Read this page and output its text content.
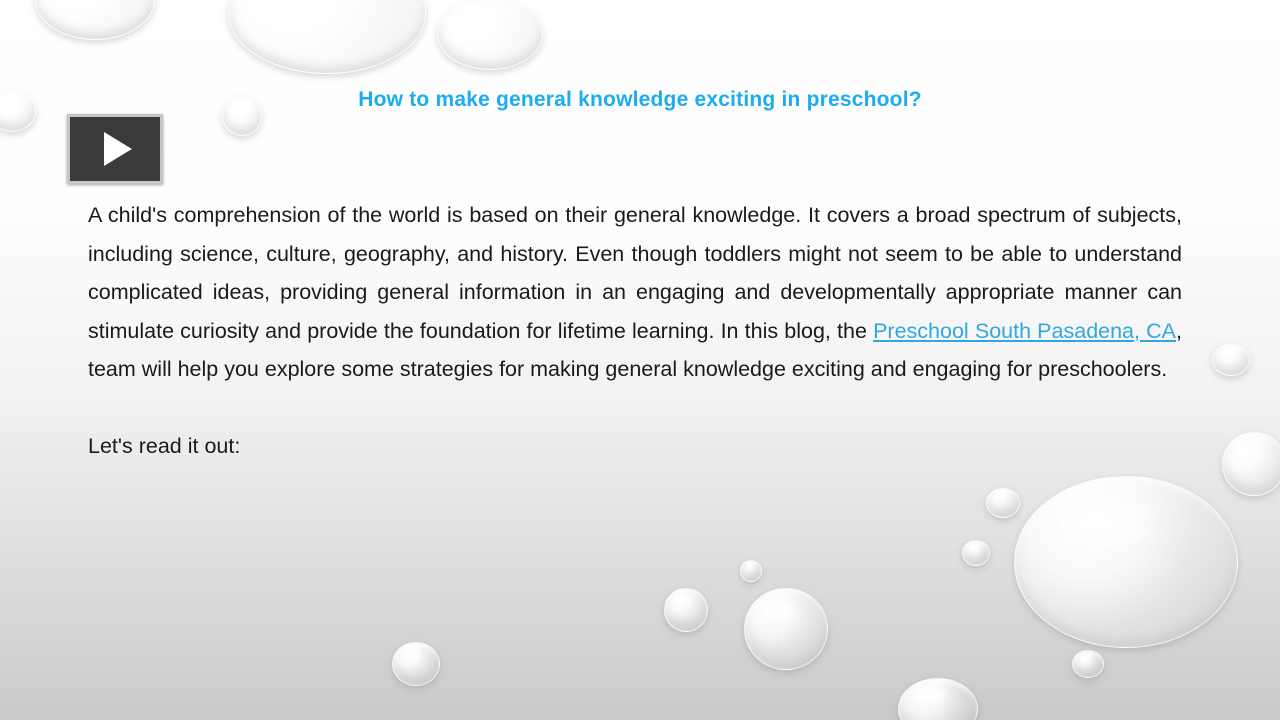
How to make general knowledge exciting in preschool?

A child's comprehension of the world is based on their general knowledge. It covers a broad spectrum of subjects, including science, culture, geography, and history. Even though toddlers might not seem to be able to understand complicated ideas, providing general information in an engaging and developmentally appropriate manner can stimulate curiosity and provide the foundation for lifetime learning. In this blog, the Preschool South Pasadena, CA, team will help you explore some strategies for making general knowledge exciting and engaging for preschoolers.

Let's read it out:
